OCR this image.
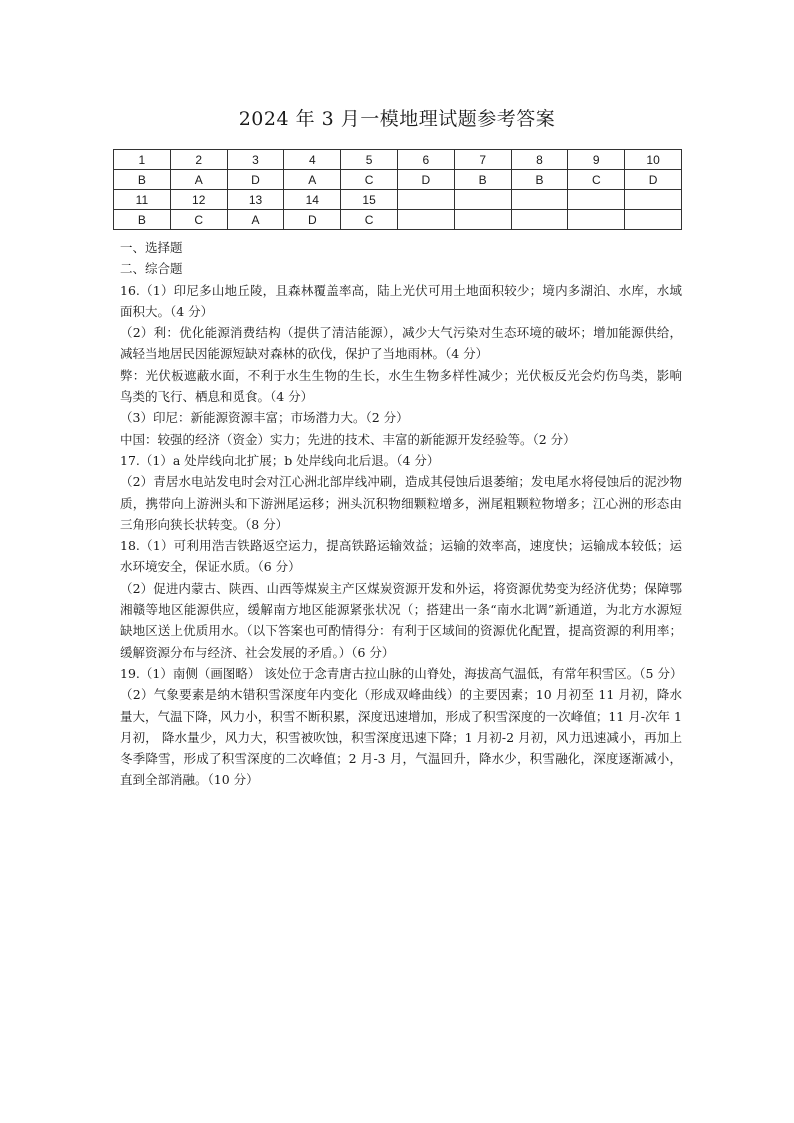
2024 年 3 月一模地理试题参考答案
1	2	3	4	5	6	7	8	9	10
B	A	D	A	C	D	B	B	C	D
11	12	13	14	15					
B	C	A	D	C					

一、选择题

二、综合题

16.（1）印尼多山地丘陵，且森林覆盖率高，陆上光伏可用土地面积较少；境内多湖泊、水库，水域面积大。（4 分）

（2）利：优化能源消费结构（提供了清洁能源），减少大气污染对生态环境的破坏；增加能源供给，减轻当地居民因能源短缺对森林的砍伐，保护了当地雨林。（4 分）

弊：光伏板遮蔽水面，不利于水生生物的生长，水生生物多样性减少；光伏板反光会灼伤鸟类，影响鸟类的飞行、栖息和觅食。（4 分）

（3）印尼：新能源资源丰富；市场潜力大。（2 分）

中国：较强的经济（资金）实力；先进的技术、丰富的新能源开发经验等。（2 分）

17.（1）a 处岸线向北扩展；b 处岸线向北后退。（4 分）

（2）青居水电站发电时会对江心洲北部岸线冲刷，造成其侵蚀后退萎缩；发电尾水将侵蚀后的泥沙物质，携带向上游洲头和下游洲尾运移；洲头沉积物细颗粒增多，洲尾粗颗粒物增多；江心洲的形态由三角形向狭长状转变。（8 分）

18.（1）可利用浩吉铁路返空运力，提高铁路运输效益；运输的效率高，速度快；运输成本较低；运水环境安全，保证水质。（6 分）

（2）促进内蒙古、陕西、山西等煤炭主产区煤炭资源开发和外运，将资源优势变为经济优势；保障鄂湘赣等地区能源供应，缓解南方地区能源紧张状况（；搭建出一条“南水北调”新通道，为北方水源短缺地区送上优质用水。（以下答案也可酌情得分：有利于区域间的资源优化配置，提高资源的利用率；缓解资源分布与经济、社会发展的矛盾。）（6 分）

19.（1）南侧（画图略） 该处位于念青唐古拉山脉的山脊处，海拔高气温低，有常年积雪区。（5 分）

（2）气象要素是纳木错积雪深度年内变化（形成双峰曲线）的主要因素；10 月初至 11 月初，降水量大，气温下降，风力小，积雪不断积累，深度迅速增加，形成了积雪深度的一次峰值；11 月-次年 1 月初， 降水量少，风力大，积雪被吹蚀，积雪深度迅速下降；1 月初-2 月初，风力迅速减小，再加上冬季降雪，形成了积雪深度的二次峰值；2 月-3 月，气温回升，降水少，积雪融化，深度逐渐减小，直到全部消融。（10 分）
